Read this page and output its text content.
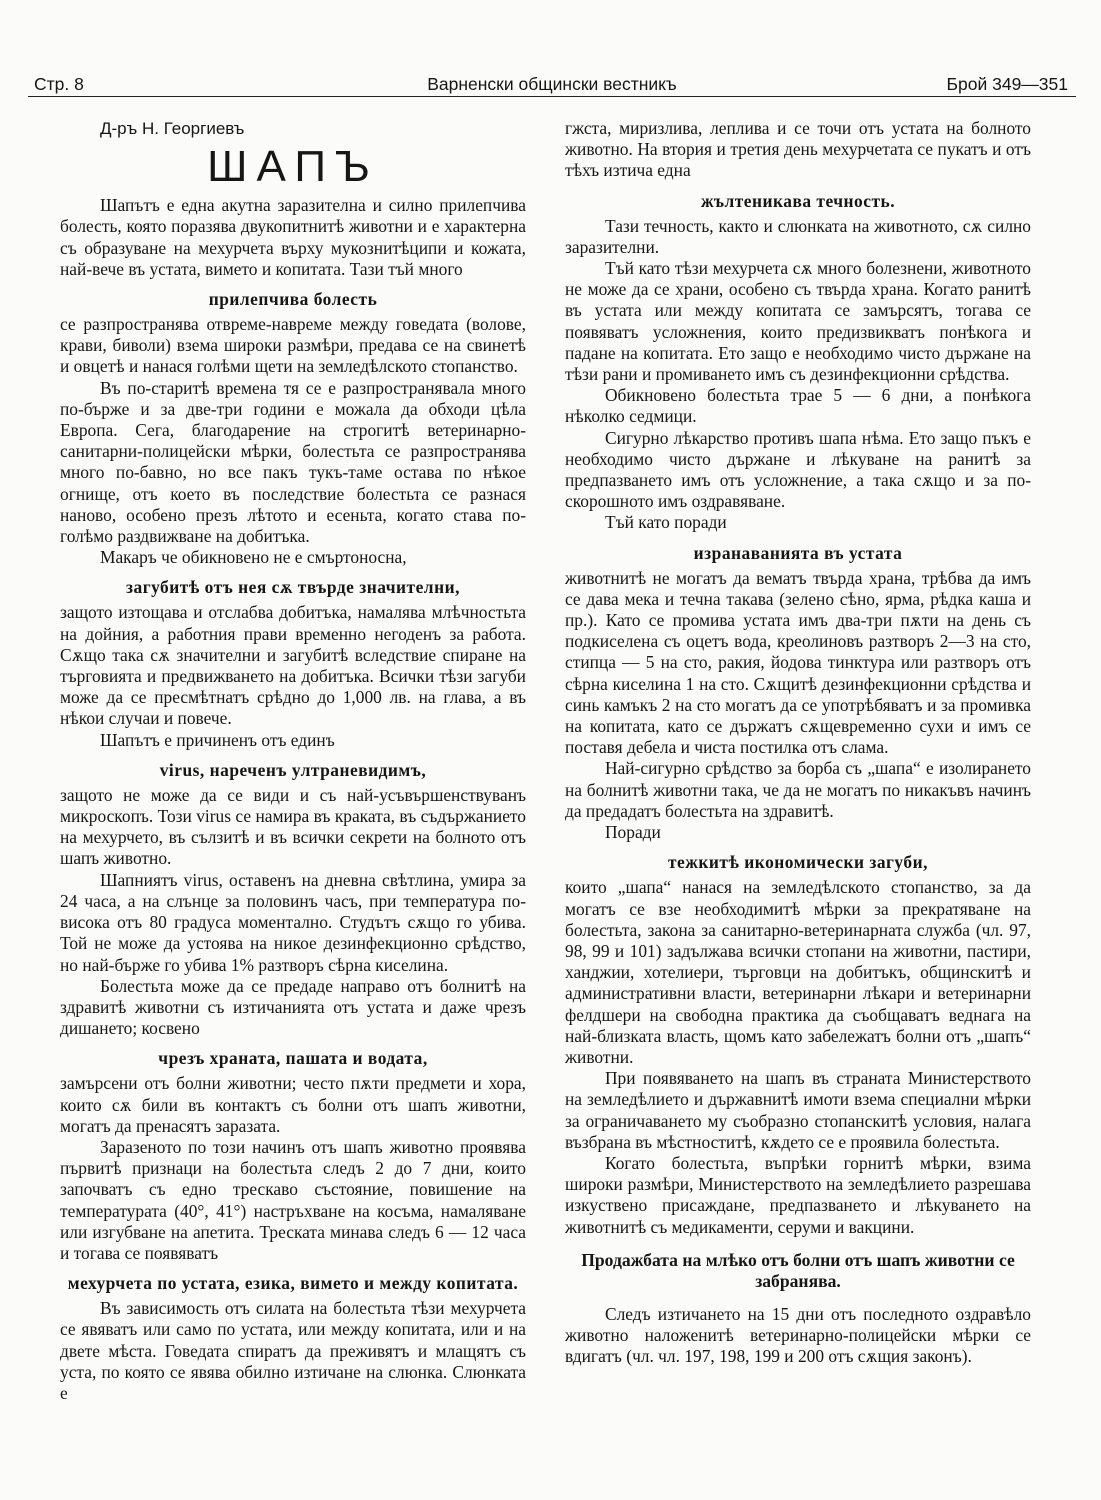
Стр. 8	Варненски общински вестникъ	Брой 349—351

Д-ръ Н. Георгиевъ

ШАПЪ

Шапътъ е една акутна заразителна и силно прилепчива болесть, която поразява двукопитнитѣ животни и е характерна съ образуване на мехурчета върху мукознитѣципи и кожата, най-вече въ устата, вимето и копитата. Тази тъй много

прилепчива болесть

се разпространява отвреме-навреме между говедата (волове, крави, биволи) взема широки размѣри, предава се на свинетѣ и овцетѣ и нанася голѣми щети на земледѣлското стопанство.

Въ по-старитѣ времена тя се е разпространявала много по-бърже и за две-три години е можала да обходи цѣла Европа. Сега, благодарение на строгитѣ ветеринарно-санитарни-полицейски мѣрки, болестьта се разпространява много по-бавно, но все пакъ тукъ-таме остава по нѣкое огнище, отъ което въ последствие болестьта се разнася наново, особено презъ лѣтото и есеньта, когато става по-голѣмо раздвижване на добитъка.

Макаръ че обикновено не е смъртоносна,

загубитѣ отъ нея сѫ твърде значителни,

защото изтощава и отслабва добитъка, намалява млѣчностьта на дойния, а работния прави временно негоденъ за работа. Сѫщо така сѫ значителни и загубитѣ вследствие спиране на търговията и предвижването на добитъка. Всички тѣзи загуби може да се пресмѣтнатъ срѣдно до 1,000 лв. на глава, а въ нѣкои случаи и повече.

Шапътъ е причиненъ отъ единъ

virus, нареченъ ултраневидимъ,

защото не може да се види и съ най-усъвършенствуванъ микроскопъ. Този virus се намира въ краката, въ съдържанието на мехурчето, въ сълзитѣ и въ всички секрети на болното отъ шапъ животно.

Шапниятъ virus, оставенъ на дневна свѣтлина, умира за 24 часа, а на слънце за половинъ часъ, при температура по-висока отъ 80 градуса моментално. Студътъ сѫщо го убива. Той не може да устоява на никое дезинфекционно срѣдство, но най-бърже го убива 1% разтворъ сѣрна киселина.

Болестьта може да се предаде направо отъ болнитѣ на здравитѣ животни съ изтичанията отъ устата и даже чрезъ дишането; косвено

чрезъ храната, пашата и водата,

замърсени отъ болни животни; често пѫти предмети и хора, които сѫ били въ контактъ съ болни отъ шапъ животни, могатъ да пренасятъ заразата.

Заразеното по този начинъ отъ шапъ животно проявява първитѣ признаци на болестьта следъ 2 до 7 дни, които започватъ съ едно трескаво състояние, повишение на температурата (40°, 41°) настръхване на косъма, намаляване или изгубване на апетита. Треската минава следъ 6 — 12 часа и тогава се появяватъ

мехурчета по устата, езика, вимето и между копитата.

Въ зависимость отъ силата на болестьта тѣзи мехурчета се явяватъ или само по устата, или между копитата, или и на двете мѣста. Говедата спиратъ да преживятъ и млащятъ съ уста, по която се явява обилно изтичане на слюнка. Слюнката е

гжста, миризлива, леплива и се точи отъ устата на болното животно. На втория и третия день мехурчетата се пукатъ и отъ тѣхъ изтича една

жълтеникава течность.

Тази течность, както и слюнката на животното, сѫ силно заразителни.

Тъй като тѣзи мехурчета сѫ много болезнени, животното не може да се храни, особено съ твърда храна. Когато ранитѣ въ устата или между копитата се замърсятъ, тогава се появяватъ усложнения, които предизвикватъ понѣкога и падане на копитата. Ето защо е необходимо чисто държане на тѣзи рани и промиването имъ съ дезинфекционни срѣдства.

Обикновено болестьта трае 5 — 6 дни, а понѣкога нѣколко седмици.

Сигурно лѣкарство противъ шапа нѣма. Ето защо пъкъ е необходимо чисто държане и лѣкуване на ранитѣ за предпазването имъ отъ усложнение, а така сѫщо и за по-скорошното имъ оздравяване.

Тъй като поради

изранаванията въ устата

животнитѣ не могатъ да вематъ твърда храна, трѣбва да имъ се дава мека и течна такава (зелено сѣно, ярма, рѣдка каша и пр.). Като се промива устата имъ два-три пѫти на день съ подкиселена съ оцетъ вода, креолиновъ разтворъ 2—3 на сто, стипца — 5 на сто, ракия, йодова тинктура или разтворъ отъ сѣрна киселина 1 на сто. Сѫщитѣ дезинфекционни срѣдства и синь камъкъ 2 на сто могатъ да се употрѣбяватъ и за промивка на копитата, като се държатъ сѫщевременно сухи и имъ се поставя дебела и чиста постилка отъ слама.

Най-сигурно срѣдство за борба съ „шапа“ е изолирането на болнитѣ животни така, че да не могатъ по никакъвъ начинъ да предадатъ болестьта на здравитѣ.

Поради

тежкитѣ икономически загуби,

които „шапа“ нанася на земледѣлското стопанство, за да могатъ се взе необходимитѣ мѣрки за прекратяване на болестьта, закона за санитарно-ветеринарната служба (чл. 97, 98, 99 и 101) задължава всички стопани на животни, пастири, ханджии, хотелиери, търговци на добитъкъ, общинскитѣ и административни власти, ветеринарни лѣкари и ветеринарни фелдшери на свободна практика да съобщаватъ веднага на най-близката власть, щомъ като забележатъ болни отъ „шапъ“ животни.

При появяването на шапъ въ страната Министерството на земледѣлието и държавнитѣ имоти взема специални мѣрки за ограничаването му съобразно стопанскитѣ условия, налага възбрана въ мѣстноститѣ, кѫдето се е проявила болестьта.

Когато болестьта, въпрѣки горнитѣ мѣрки, взима широки размѣри, Министерството на земледѣлието разрешава изкуствено присаждане, предпазването и лѣкуването на животнитѣ съ медикаменти, серуми и вакцини.

Продажбата на млѣко отъ болни отъ шапъ животни се забранява.

Следъ изтичането на 15 дни отъ последното оздравѣло животно наложенитѣ ветеринарно-полицейски мѣрки се вдигатъ (чл. чл. 197, 198, 199 и 200 отъ сѫщия законъ).
